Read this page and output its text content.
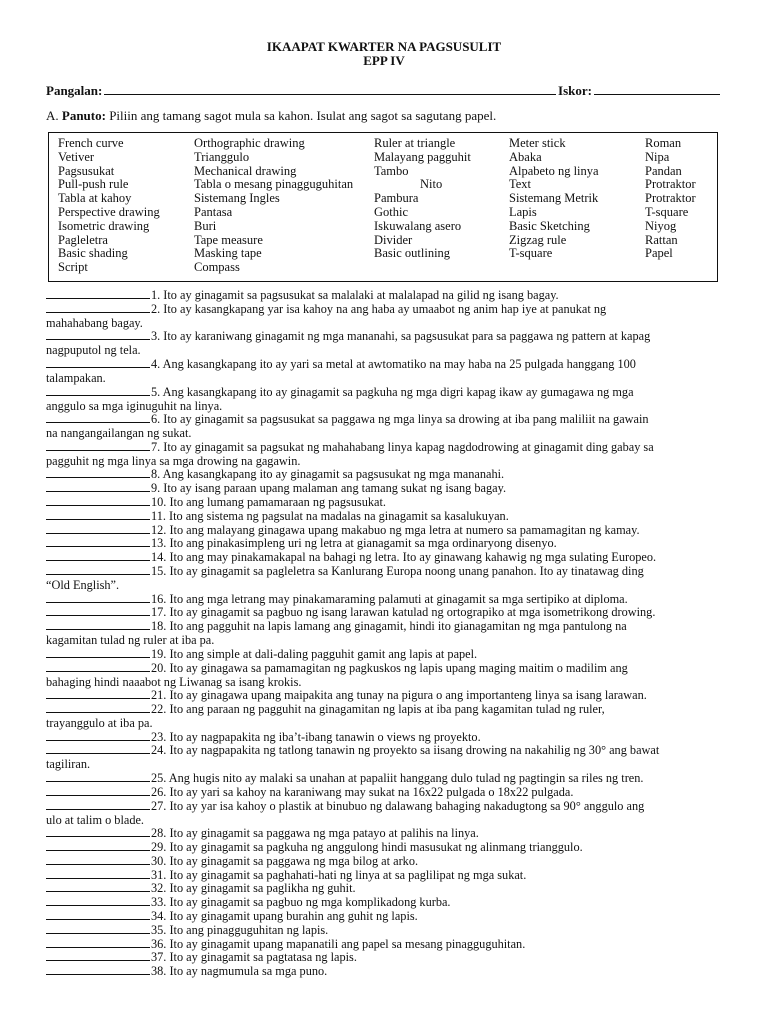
IKAAPAT KWARTER NA PAGSUSULIT
EPP IV
Pangalan:	Iskor:
A. Panuto: Piliin ang tamang sagot mula sa kahon. Isulat ang sagot sa sagutang papel.
French curve
Vetiver
Pagsusukat
Pull-push rule
Tabla at kahoy
Perspective drawing
Isometric drawing
Pagleletra
Basic shading
Script
Orthographic drawing
Trianggulo
Mechanical drawing
Tabla o mesang pinagguguhitan
Sistemang Ingles
Pantasa
Buri
Tape measure
Masking tape
Compass
Ruler at triangle
Malayang pagguhit
Tambo
Nito
Pambura
Gothic
Iskuwalang asero
Divider
Basic outlining
Meter stick
Abaka
Alpabeto ng linya
Text
Sistemang Metrik
Lapis
Basic Sketching
Zigzag rule
T-square
Roman
Nipa
Pandan
Protraktor
Protraktor
T-square
Niyog
Rattan
Papel
1. Ito ay ginagamit sa pagsusukat sa malalaki at malalapad na gilid ng isang bagay.
2. Ito ay kasangkapang yar isa kahoy na ang haba ay umaabot ng anim hap iye at panukat ng
mahahabang bagay.
3. Ito ay karaniwang ginagamit ng mga mananahi, sa pagsusukat para sa paggawa ng pattern at kapag
nagpuputol ng tela.
4. Ang kasangkapang ito ay yari sa metal at awtomatiko na may haba na 25 pulgada hanggang 100
talampakan.
5. Ang kasangkapang ito ay ginagamit sa pagkuha ng mga digri kapag ikaw ay gumagawa ng mga
anggulo sa mga iginuguhit na linya.
6. Ito ay ginagamit sa pagsusukat sa paggawa ng mga linya sa drowing at iba pang maliliit na gawain
na nangangailangan ng sukat.
7. Ito ay ginagamit sa pagsukat ng mahahabang linya kapag nagdodrowing at ginagamit ding gabay sa
pagguhit ng mga linya sa mga drowing na gagawin.
8. Ang kasangkapang ito ay ginagamit sa pagsusukat ng mga mananahi.
9. Ito ay isang paraan upang malaman ang tamang sukat ng isang bagay.
10. Ito ang lumang pamamaraan ng pagsusukat.
11. Ito ang sistema ng pagsulat na madalas na ginagamit sa kasalukuyan.
12. Ito ang malayang ginagawa upang makabuo ng mga letra at numero sa pamamagitan ng kamay.
13. Ito ang pinakasimpleng uri ng letra at gianagamit sa mga ordinaryong disenyo.
14. Ito ang may pinakamakapal na bahagi ng letra. Ito ay ginawang kahawig ng mga sulating Europeo.
15. Ito ay ginagamit sa pagleletra sa Kanlurang Europa noong unang panahon. Ito ay tinatawag ding
“Old English”.
16. Ito ang mga letrang may pinakamaraming palamuti at ginagamit sa mga sertipiko at diploma.
17. Ito ay ginagamit sa pagbuo ng isang larawan katulad ng ortograpiko at mga isometrikong drowing.
18. Ito ang pagguhit na lapis lamang ang ginagamit, hindi ito gianagamitan ng mga pantulong na
kagamitan tulad ng ruler at iba pa.
19. Ito ang simple at dali-daling pagguhit gamit ang lapis at papel.
20. Ito ay ginagawa sa pamamagitan ng pagkuskos ng lapis upang maging maitim o madilim ang
bahaging hindi naaabot ng Liwanag sa isang krokis.
21. Ito ay ginagawa upang maipakita ang tunay na pigura o ang importanteng linya sa isang larawan.
22. Ito ang paraan ng pagguhit na ginagamitan ng lapis at iba pang kagamitan tulad ng ruler,
trayanggulo at iba pa.
23. Ito ay nagpapakita ng iba’t-ibang tanawin o views ng proyekto.
24. Ito ay nagpapakita ng tatlong tanawin ng proyekto sa iisang drowing na nakahilig ng 30° ang bawat
tagiliran.
25. Ang hugis nito ay malaki sa unahan at papaliit hanggang dulo tulad ng pagtingin sa riles ng tren.
26. Ito ay yari sa kahoy na karaniwang may sukat na 16x22 pulgada o 18x22 pulgada.
27. Ito ay yar isa kahoy o plastik at binubuo ng dalawang bahaging nakadugtong sa 90° anggulo ang
ulo at talim o blade.
28. Ito ay ginagamit sa paggawa ng mga patayo at palihis na linya.
29. Ito ay ginagamit sa pagkuha ng anggulong hindi masusukat ng alinmang trianggulo.
30. Ito ay ginagamit sa paggawa ng mga bilog at arko.
31. Ito ay ginagamit sa paghahati-hati ng linya at sa paglilipat ng mga sukat.
32. Ito ay ginagamit sa paglikha ng guhit.
33. Ito ay ginagamit sa pagbuo ng mga komplikadong kurba.
34. Ito ay ginagamit upang burahin ang guhit ng lapis.
35. Ito ang pinagguguhitan ng lapis.
36. Ito ay ginagamit upang mapanatili ang papel sa mesang pinagguguhitan.
37. Ito ay ginagamit sa pagtatasa ng lapis.
38. Ito ay nagmumula sa mga puno.
